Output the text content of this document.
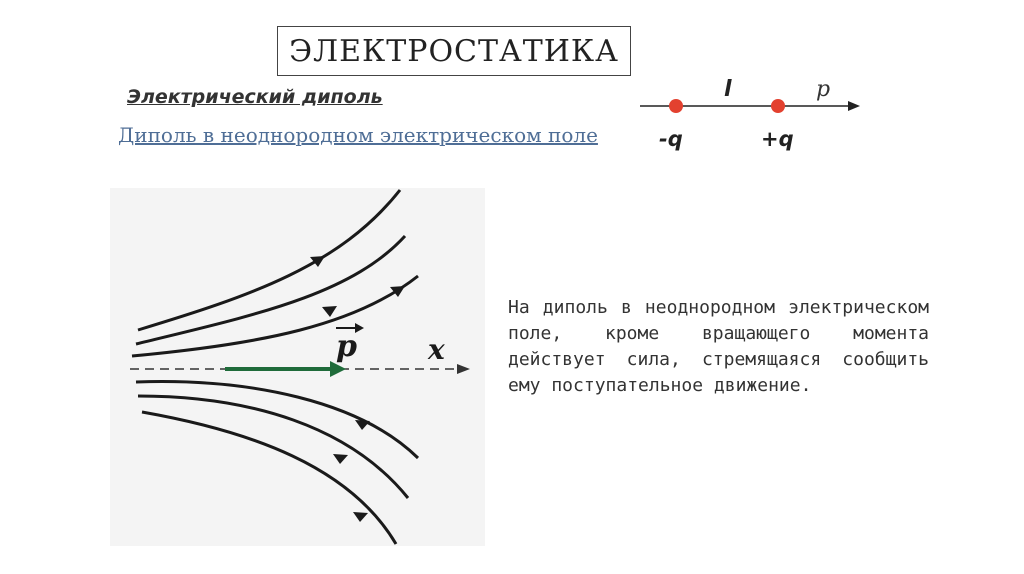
ЭЛЕКТРОСТАТИКА
Электрический диполь
Диполь в неоднородном электрическом поле
l	p
-q	+q
p	x

На диполь в неоднородном электрическом поле, кроме вращающего момента действует сила, стремящаяся сообщить ему поступательное движение.
